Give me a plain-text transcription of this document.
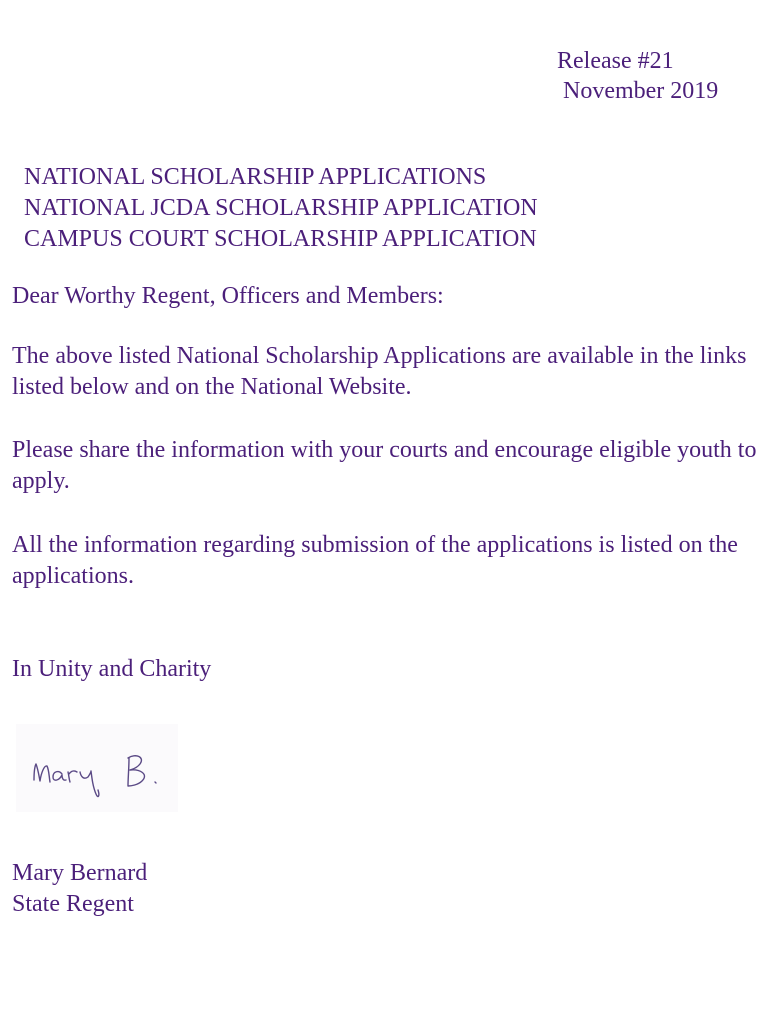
Release #21
November 2019
NATIONAL SCHOLARSHIP APPLICATIONS
NATIONAL JCDA SCHOLARSHIP APPLICATION
CAMPUS COURT SCHOLARSHIP APPLICATION
Dear Worthy Regent, Officers and Members:
The above listed National Scholarship Applications are available in the links listed below and on the National Website.
Please share the information with your courts and encourage eligible youth to apply.
All the information regarding submission of the applications is listed on the applications.
In Unity and Charity
Mary Bernard
State Regent
